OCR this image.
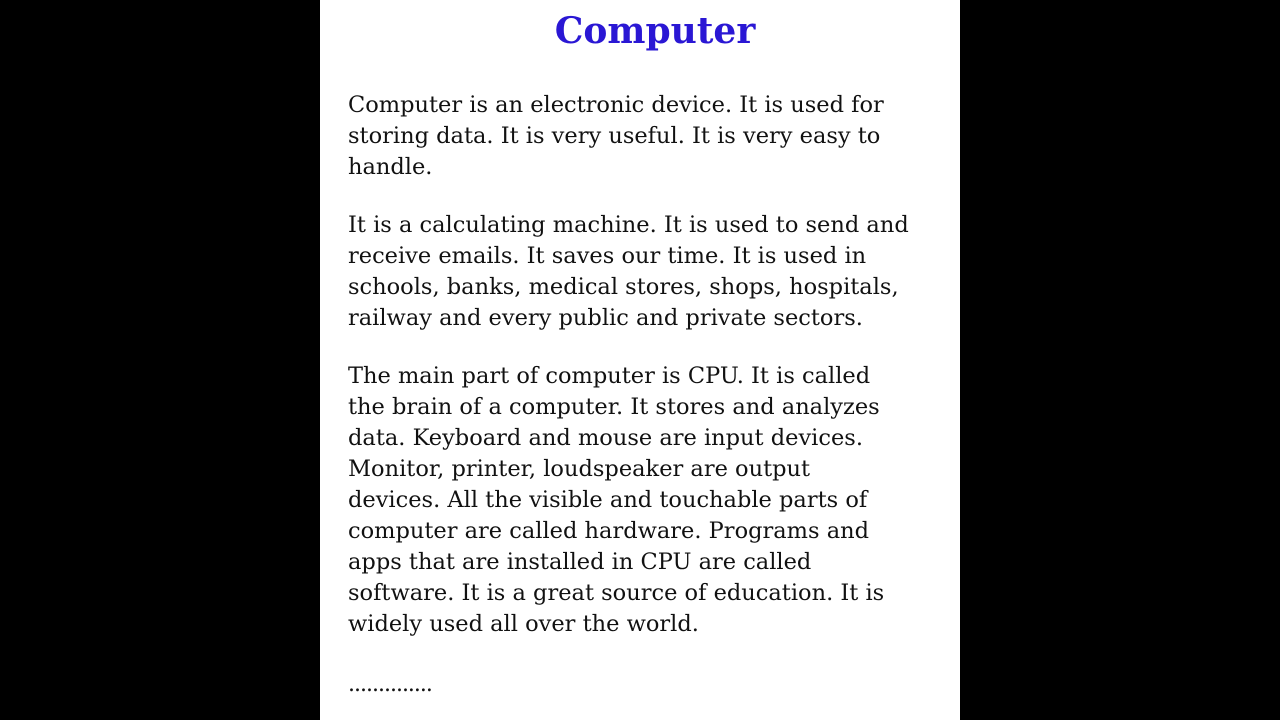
Computer
Computer is an electronic device. It is used for
storing data. It is very useful. It is very easy to
handle.
It is a calculating machine. It is used to send and
receive emails. It saves our time. It is used in
schools, banks, medical stores, shops, hospitals,
railway and every public and private sectors.
The main part of computer is CPU. It is called
the brain of a computer. It stores and analyzes
data. Keyboard and mouse are input devices.
Monitor, printer, loudspeaker are output
devices. All the visible and touchable parts of
computer are called hardware. Programs and
apps that are installed in CPU are called
software. It is a great source of education. It is
widely used all over the world.
..............
